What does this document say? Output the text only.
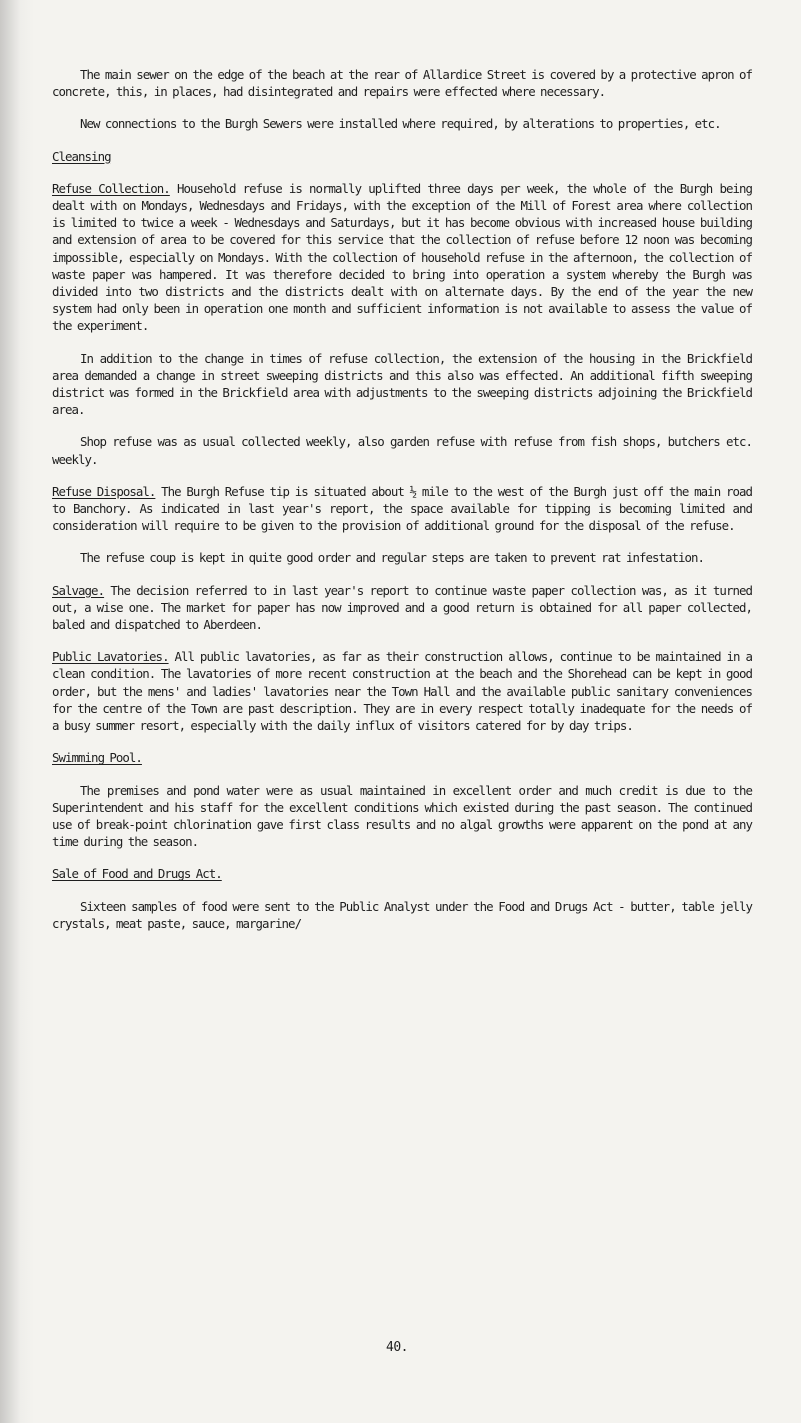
The main sewer on the edge of the beach at the rear of Allardice Street is covered by a protective apron of concrete, this, in places, had disintegrated and repairs were effected where necessary.

New connections to the Burgh Sewers were installed where required, by alterations to properties, etc.

Cleansing

Refuse Collection. Household refuse is normally uplifted three days per week, the whole of the Burgh being dealt with on Mondays, Wednesdays and Fridays, with the exception of the Mill of Forest area where collection is limited to twice a week - Wednesdays and Saturdays, but it has become obvious with increased house building and extension of area to be covered for this service that the collection of refuse before 12 noon was becoming impossible, especially on Mondays. With the collection of household refuse in the afternoon, the collection of waste paper was hampered. It was therefore decided to bring into operation a system whereby the Burgh was divided into two districts and the districts dealt with on alternate days. By the end of the year the new system had only been in operation one month and sufficient information is not available to assess the value of the experiment.

In addition to the change in times of refuse collection, the extension of the housing in the Brickfield area demanded a change in street sweeping districts and this also was effected. An additional fifth sweeping district was formed in the Brickfield area with adjustments to the sweeping districts adjoining the Brickfield area.

Shop refuse was as usual collected weekly, also garden refuse with refuse from fish shops, butchers etc. weekly.

Refuse Disposal. The Burgh Refuse tip is situated about ½ mile to the west of the Burgh just off the main road to Banchory. As indicated in last year's report, the space available for tipping is becoming limited and consideration will require to be given to the provision of additional ground for the disposal of the refuse.

The refuse coup is kept in quite good order and regular steps are taken to prevent rat infestation.

Salvage. The decision referred to in last year's report to continue waste paper collection was, as it turned out, a wise one. The market for paper has now improved and a good return is obtained for all paper collected, baled and dispatched to Aberdeen.

Public Lavatories. All public lavatories, as far as their construction allows, continue to be maintained in a clean condition. The lavatories of more recent construction at the beach and the Shorehead can be kept in good order, but the mens' and ladies' lavatories near the Town Hall and the available public sanitary conveniences for the centre of the Town are past description. They are in every respect totally inadequate for the needs of a busy summer resort, especially with the daily influx of visitors catered for by day trips.

Swimming Pool.

The premises and pond water were as usual maintained in excellent order and much credit is due to the Superintendent and his staff for the excellent conditions which existed during the past season. The continued use of break-point chlorination gave first class results and no algal growths were apparent on the pond at any time during the season.

Sale of Food and Drugs Act.

Sixteen samples of food were sent to the Public Analyst under the Food and Drugs Act - butter, table jelly crystals, meat paste, sauce, margarine/

40.
